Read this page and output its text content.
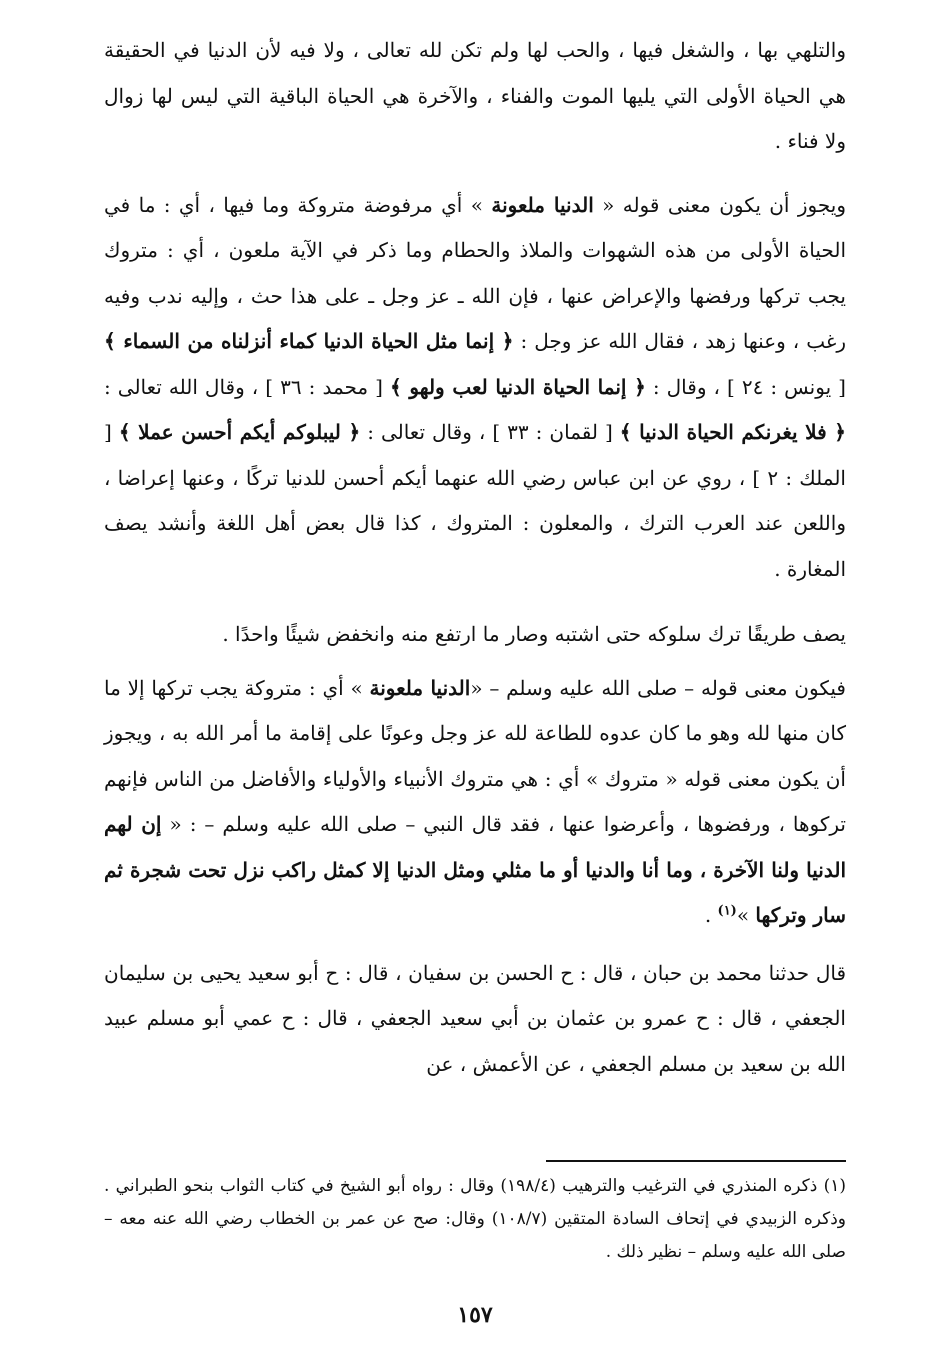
والتلهي بها ، والشغل فيها ، والحب لها ولم تكن لله تعالى ، ولا فيه لأن الدنيا في الحقيقة هي الحياة الأولى التي يليها الموت والفناء ، والآخرة هي الحياة الباقية التي ليس لها زوال ولا فناء .

ويجوز أن يكون معنى قوله « الدنيا ملعونة » أي مرفوضة متروكة وما فيها ، أي : ما في الحياة الأولى من هذه الشهوات والملاذ والحطام وما ذكر في الآية ملعون ، أي : متروك يجب تركها ورفضها والإعراض عنها ، فإن الله ـ عز وجل ـ على هذا حث ، وإليه ندب وفيه رغب ، وعنها زهد ، فقال الله عز وجل : ﴿ إنما مثل الحياة الدنيا كماء أنزلناه من السماء ﴾ [ يونس : ٢٤ ] ، وقال : ﴿ إنما الحياة الدنيا لعب ولهو ﴾ [ محمد : ٣٦ ] ، وقال الله تعالى : ﴿ فلا يغرنكم الحياة الدنيا ﴾ [ لقمان : ٣٣ ] ، وقال تعالى : ﴿ ليبلوكم أيكم أحسن عملا ﴾ [ الملك : ٢ ] ، روي عن ابن عباس رضي الله عنهما أيكم أحسن للدنيا تركًا ، وعنها إعراضا ، واللعن عند العرب الترك ، والمعلون : المتروك ، كذا قال بعض أهل اللغة وأنشد يصف المغارة .

يصف طريقًا ترك سلوكه حتى اشتبه وصار ما ارتفع منه وانخفض شيئًا واحدًا .

فيكون معنى قوله – صلى الله عليه وسلم – «الدنيا ملعونة » أي : متروكة يجب تركها إلا ما كان منها لله وهو ما كان عدوه للطاعة لله عز وجل وعونًا على إقامة ما أمر الله به ، ويجوز أن يكون معنى قوله « متروك » أي : هي متروك الأنبياء والأولياء والأفاضل من الناس فإنهم تركوها ، ورفضوها ، وأعرضوا عنها ، فقد قال النبي – صلى الله عليه وسلم – : « إن لهم الدنيا ولنا الآخرة ، وما أنا والدنيا أو ما مثلي ومثل الدنيا إلا كمثل راكب نزل تحت شجرة ثم سار وتركها »$^{(١)}$ .

قال حدثنا محمد بن حبان ، قال : ح الحسن بن سفيان ، قال : ح أبو سعيد يحيى بن سليمان الجعفي ، قال : ح عمرو بن عثمان بن أبي سعيد الجعفي ، قال : ح عمي أبو مسلم عبيد الله بن سعيد بن مسلم الجعفي ، عن الأعمش ، عن

(١) ذكره المنذري في الترغيب والترهيب (١٩٨/٤) وقال : رواه أبو الشيخ في كتاب الثواب بنحو الطبراني . وذكره الزبيدي في إتحاف السادة المتقين (١٠٨/٧) وقال: صح عن عمر بن الخطاب رضي الله عنه معه – صلى الله عليه وسلم – نظير ذلك .

١٥٧
